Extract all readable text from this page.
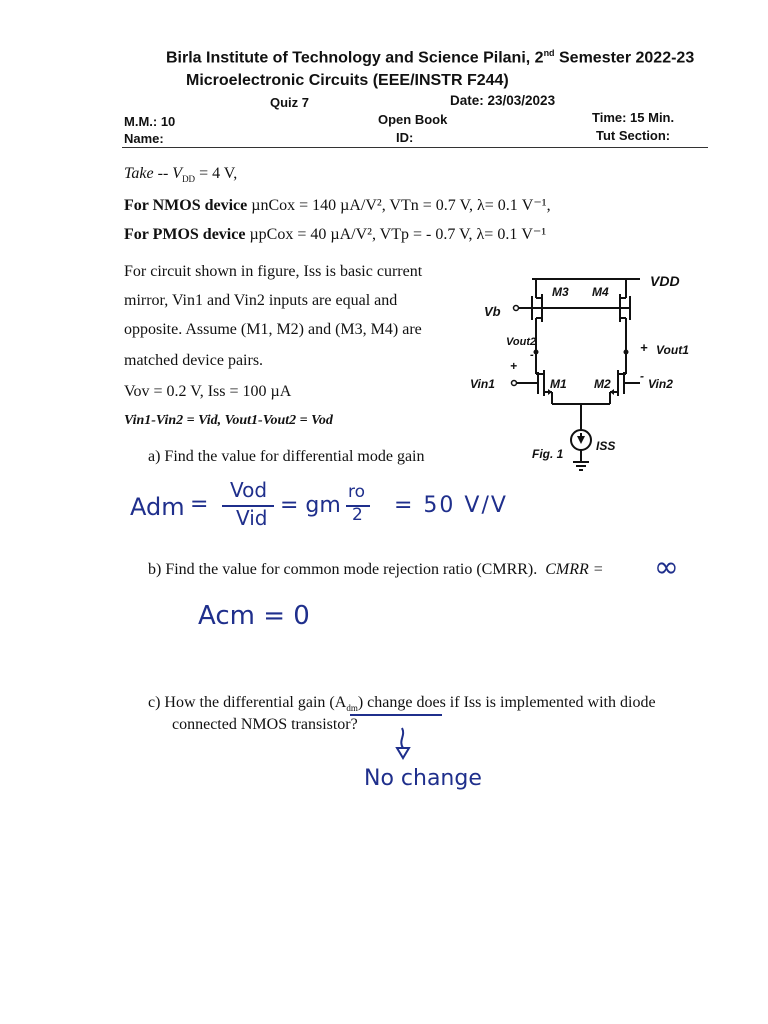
Birla Institute of Technology and Science Pilani, 2nd Semester 2022-23
Microelectronic Circuits (EEE/INSTR F244)
Quiz 7	Date: 23/03/2023
M.M.: 10	Open Book	Time: 15 Min.
Name:	ID:	Tut Section:
Take -- $V_{DD} = 4$ V,
For NMOS device µnCox = 140 µA/V², VTn = 0.7 V, λ= 0.1 V⁻¹,
For PMOS device µpCox = 40 µA/V², VTp = - 0.7 V, λ= 0.1 V⁻¹
For circuit shown in figure, Iss is basic current
mirror, Vin1 and Vin2 inputs are equal and
opposite. Assume (M1, M2) and (M3, M4) are
matched device pairs.
Vov = 0.2 V, Iss = 100 µA
Vin1-Vin2 = Vid, Vout1-Vout2 = Vod
VDD
M3 M4
Vb
Vout2
-	+ Vout1
-
+
Vin1	M1 M2	Vin2
ISS
Fig. 1
a) Find the value for differential mode gain
Adm =
Vod
Vid = gm
ro
2 = 50 V/V
b) Find the value for common mode rejection ratio (CMRR). CMRR = ∞
Acm = 0
c) How the differential gain $(A_{dm})$ change does if Iss is implemented with diode
connected NMOS transistor?
No change
